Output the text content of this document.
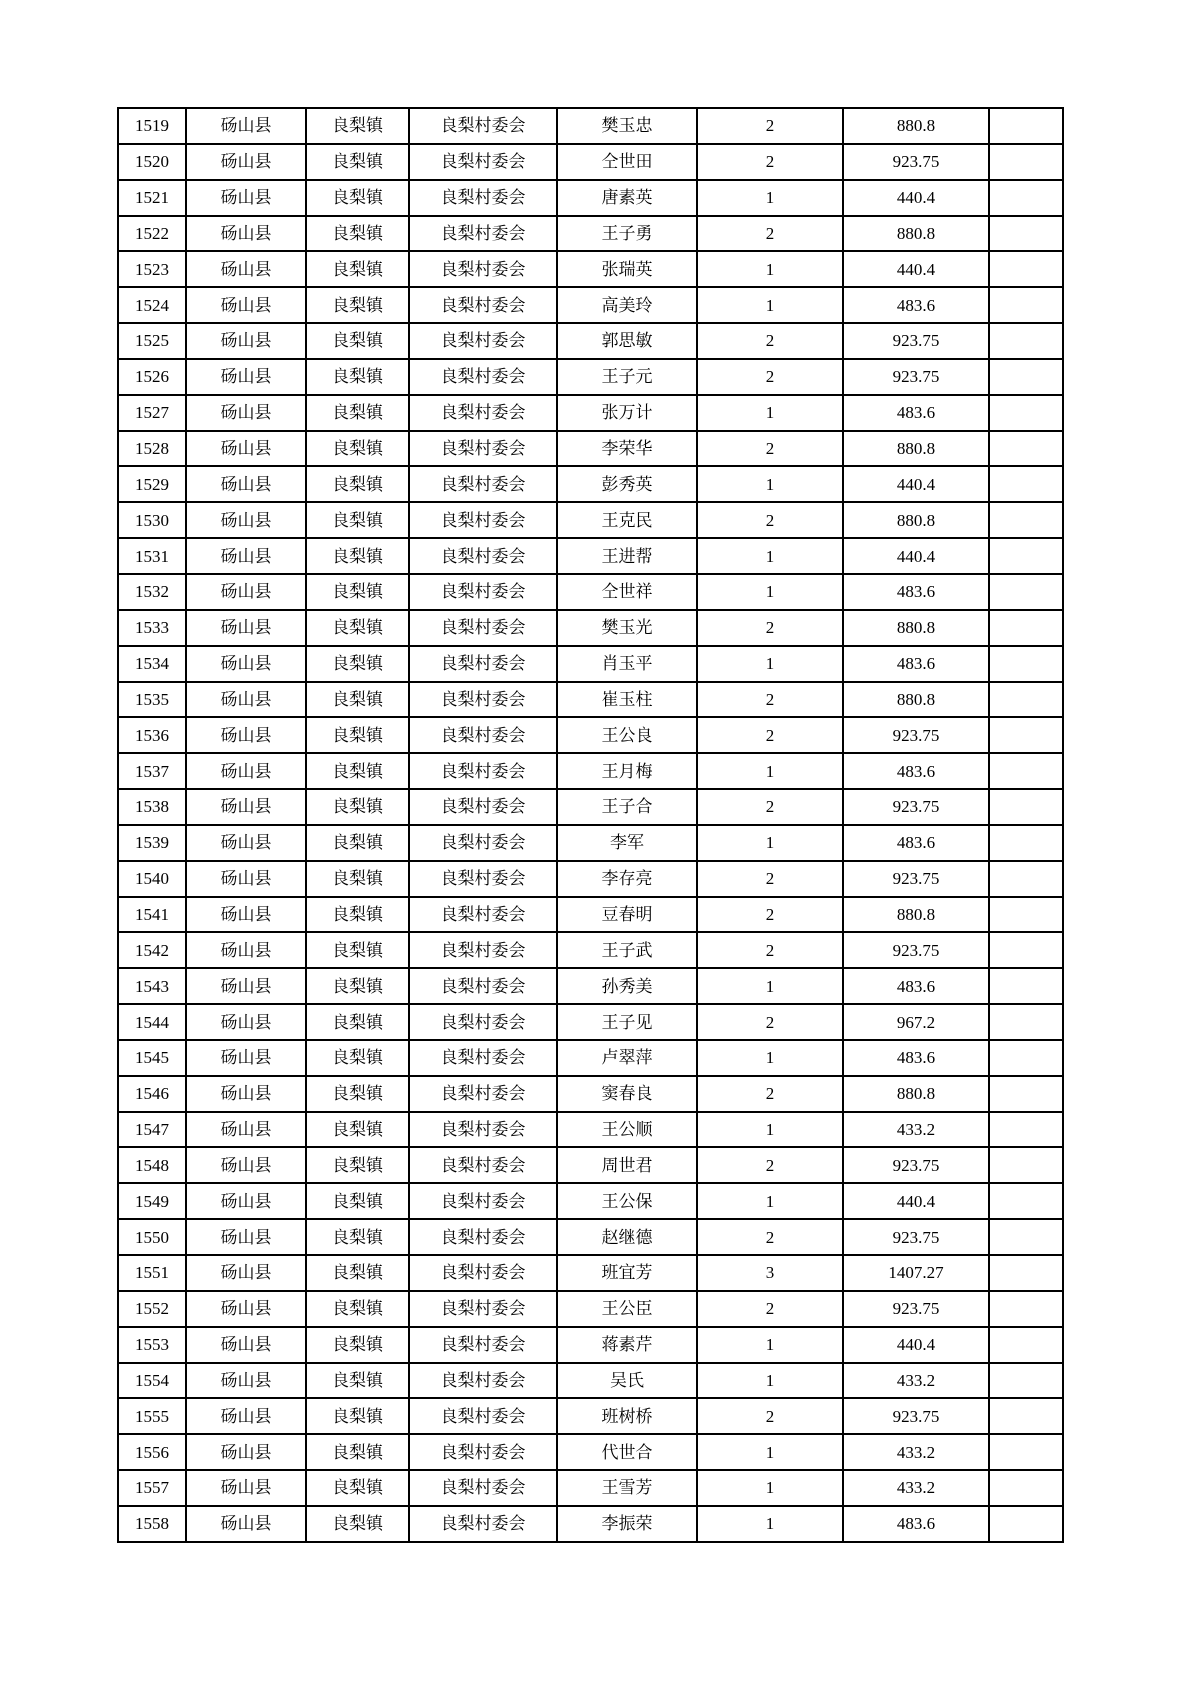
1519	砀山县	良梨镇	良梨村委会	樊玉忠	2	880.8	
1520	砀山县	良梨镇	良梨村委会	仝世田	2	923.75	
1521	砀山县	良梨镇	良梨村委会	唐素英	1	440.4	
1522	砀山县	良梨镇	良梨村委会	王子勇	2	880.8	
1523	砀山县	良梨镇	良梨村委会	张瑞英	1	440.4	
1524	砀山县	良梨镇	良梨村委会	高美玲	1	483.6	
1525	砀山县	良梨镇	良梨村委会	郭思敏	2	923.75	
1526	砀山县	良梨镇	良梨村委会	王子元	2	923.75	
1527	砀山县	良梨镇	良梨村委会	张万计	1	483.6	
1528	砀山县	良梨镇	良梨村委会	李荣华	2	880.8	
1529	砀山县	良梨镇	良梨村委会	彭秀英	1	440.4	
1530	砀山县	良梨镇	良梨村委会	王克民	2	880.8	
1531	砀山县	良梨镇	良梨村委会	王进帮	1	440.4	
1532	砀山县	良梨镇	良梨村委会	仝世祥	1	483.6	
1533	砀山县	良梨镇	良梨村委会	樊玉光	2	880.8	
1534	砀山县	良梨镇	良梨村委会	肖玉平	1	483.6	
1535	砀山县	良梨镇	良梨村委会	崔玉柱	2	880.8	
1536	砀山县	良梨镇	良梨村委会	王公良	2	923.75	
1537	砀山县	良梨镇	良梨村委会	王月梅	1	483.6	
1538	砀山县	良梨镇	良梨村委会	王子合	2	923.75	
1539	砀山县	良梨镇	良梨村委会	李军	1	483.6	
1540	砀山县	良梨镇	良梨村委会	李存亮	2	923.75	
1541	砀山县	良梨镇	良梨村委会	豆春明	2	880.8	
1542	砀山县	良梨镇	良梨村委会	王子武	2	923.75	
1543	砀山县	良梨镇	良梨村委会	孙秀美	1	483.6	
1544	砀山县	良梨镇	良梨村委会	王子见	2	967.2	
1545	砀山县	良梨镇	良梨村委会	卢翠萍	1	483.6	
1546	砀山县	良梨镇	良梨村委会	窦春良	2	880.8	
1547	砀山县	良梨镇	良梨村委会	王公顺	1	433.2	
1548	砀山县	良梨镇	良梨村委会	周世君	2	923.75	
1549	砀山县	良梨镇	良梨村委会	王公保	1	440.4	
1550	砀山县	良梨镇	良梨村委会	赵继德	2	923.75	
1551	砀山县	良梨镇	良梨村委会	班宜芳	3	1407.27	
1552	砀山县	良梨镇	良梨村委会	王公臣	2	923.75	
1553	砀山县	良梨镇	良梨村委会	蒋素芹	1	440.4	
1554	砀山县	良梨镇	良梨村委会	吴氏	1	433.2	
1555	砀山县	良梨镇	良梨村委会	班树桥	2	923.75	
1556	砀山县	良梨镇	良梨村委会	代世合	1	433.2	
1557	砀山县	良梨镇	良梨村委会	王雪芳	1	433.2	
1558	砀山县	良梨镇	良梨村委会	李振荣	1	483.6	
